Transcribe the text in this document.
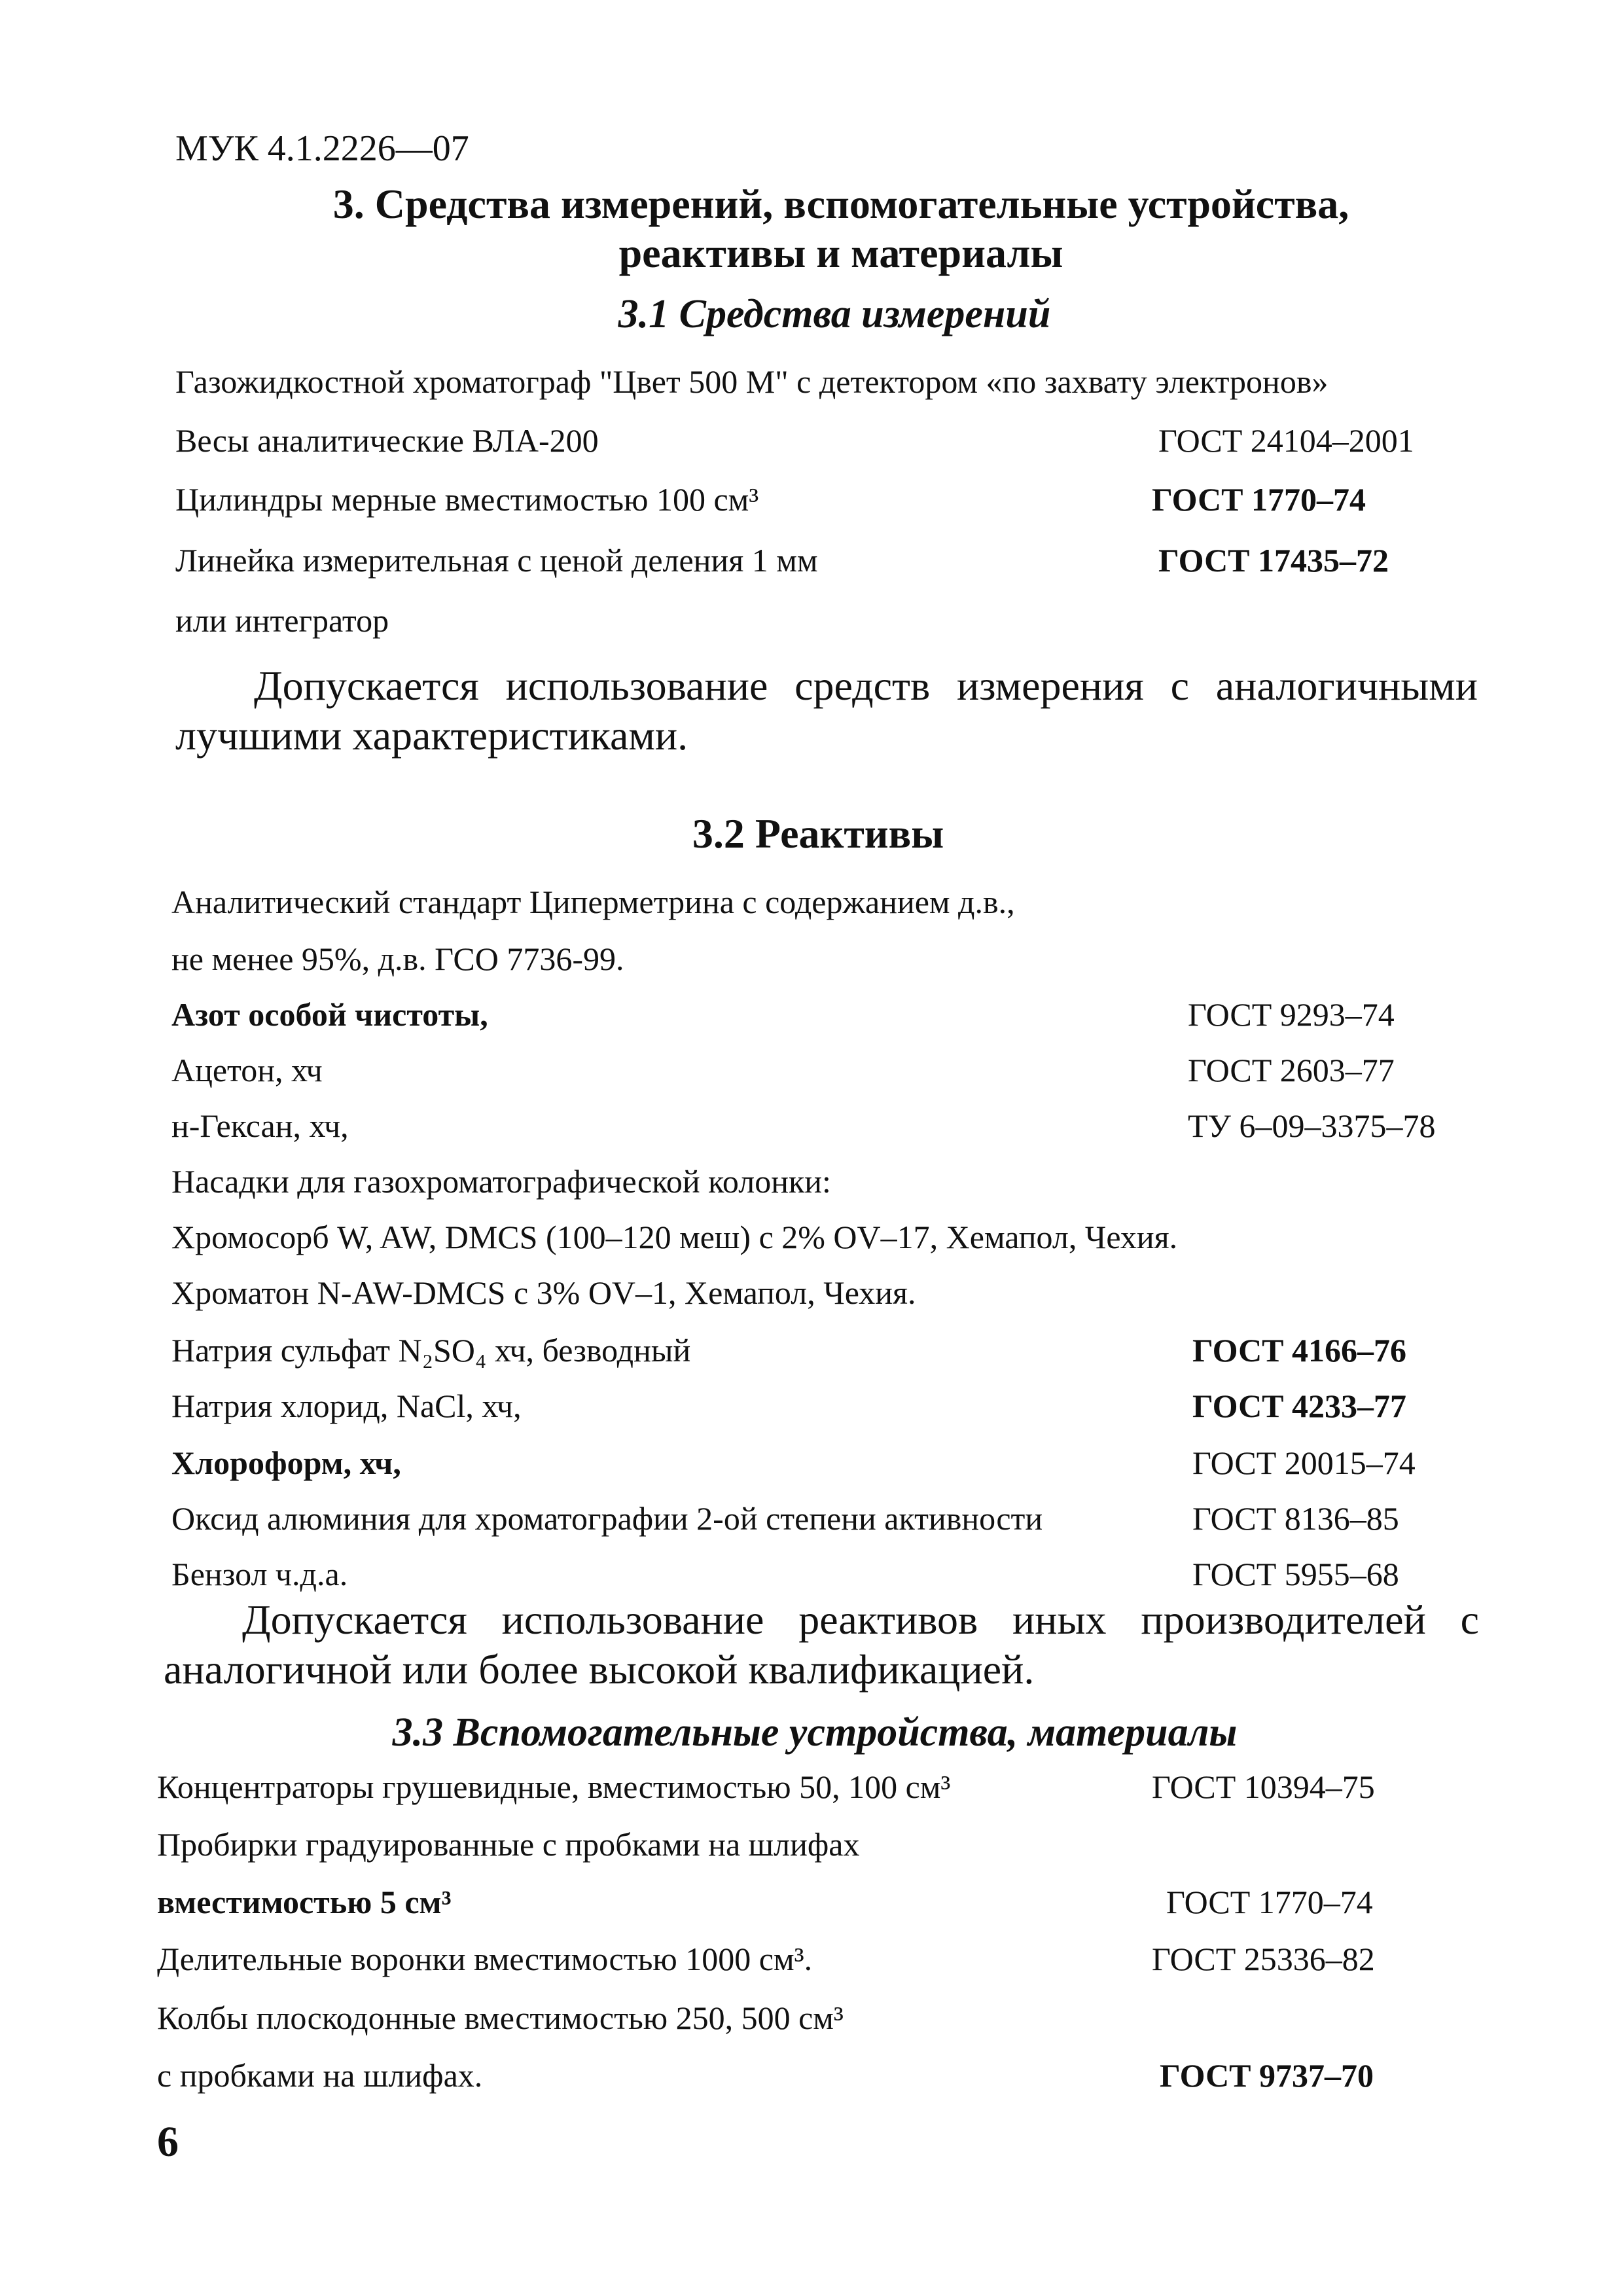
МУК 4.1.2226—07
3. Средства измерений, вспомогательные устройства,
реактивы и материалы
3.1 Средства измерений
Газожидкостной хроматограф "Цвет 500 М" с детектором «по захвату электронов»
Весы аналитические ВЛА-200	ГОСТ 24104–2001
Цилиндры мерные вместимостью 100 см³	ГОСТ 1770–74
Линейка измерительная с ценой деления 1 мм	ГОСТ 17435–72
или интегратор
Допускается использование средств измерения с аналогичными лучшими характеристиками.
3.2 Реактивы
Аналитический стандарт Циперметрина с содержанием д.в.,
не менее 95%, д.в. ГСО 7736-99.
Азот особой чистоты,	ГОСТ 9293–74
Ацетон, хч	ГОСТ 2603–77
н-Гексан, хч,	ТУ 6–09–3375–78
Насадки для газохроматографической колонки:
Хромосорб W, AW, DMCS (100–120 меш) с 2% OV–17, Хемапол, Чехия.
Хроматон N-AW-DMCS с 3% OV–1, Хемапол, Чехия.
Натрия сульфат N₂SO₄ хч, безводный	ГОСТ 4166–76
Натрия хлорид, NaCl, хч,	ГОСТ 4233–77
Хлороформ, хч,	ГОСТ 20015–74
Оксид алюминия для хроматографии 2-ой степени активности	ГОСТ 8136–85
Бензол ч.д.а.	ГОСТ 5955–68
Допускается использование реактивов иных производителей с аналогичной или более высокой квалификацией.
3.3 Вспомогательные устройства, материалы
Концентраторы грушевидные, вместимостью 50, 100 см³	ГОСТ 10394–75
Пробирки градуированные с пробками на шлифах
вместимостью 5 см³	ГОСТ 1770–74
Делительные воронки вместимостью 1000 см³.	ГОСТ 25336–82
Колбы плоскодонные вместимостью 250, 500 см³
с пробками на шлифах.	ГОСТ 9737–70
6
